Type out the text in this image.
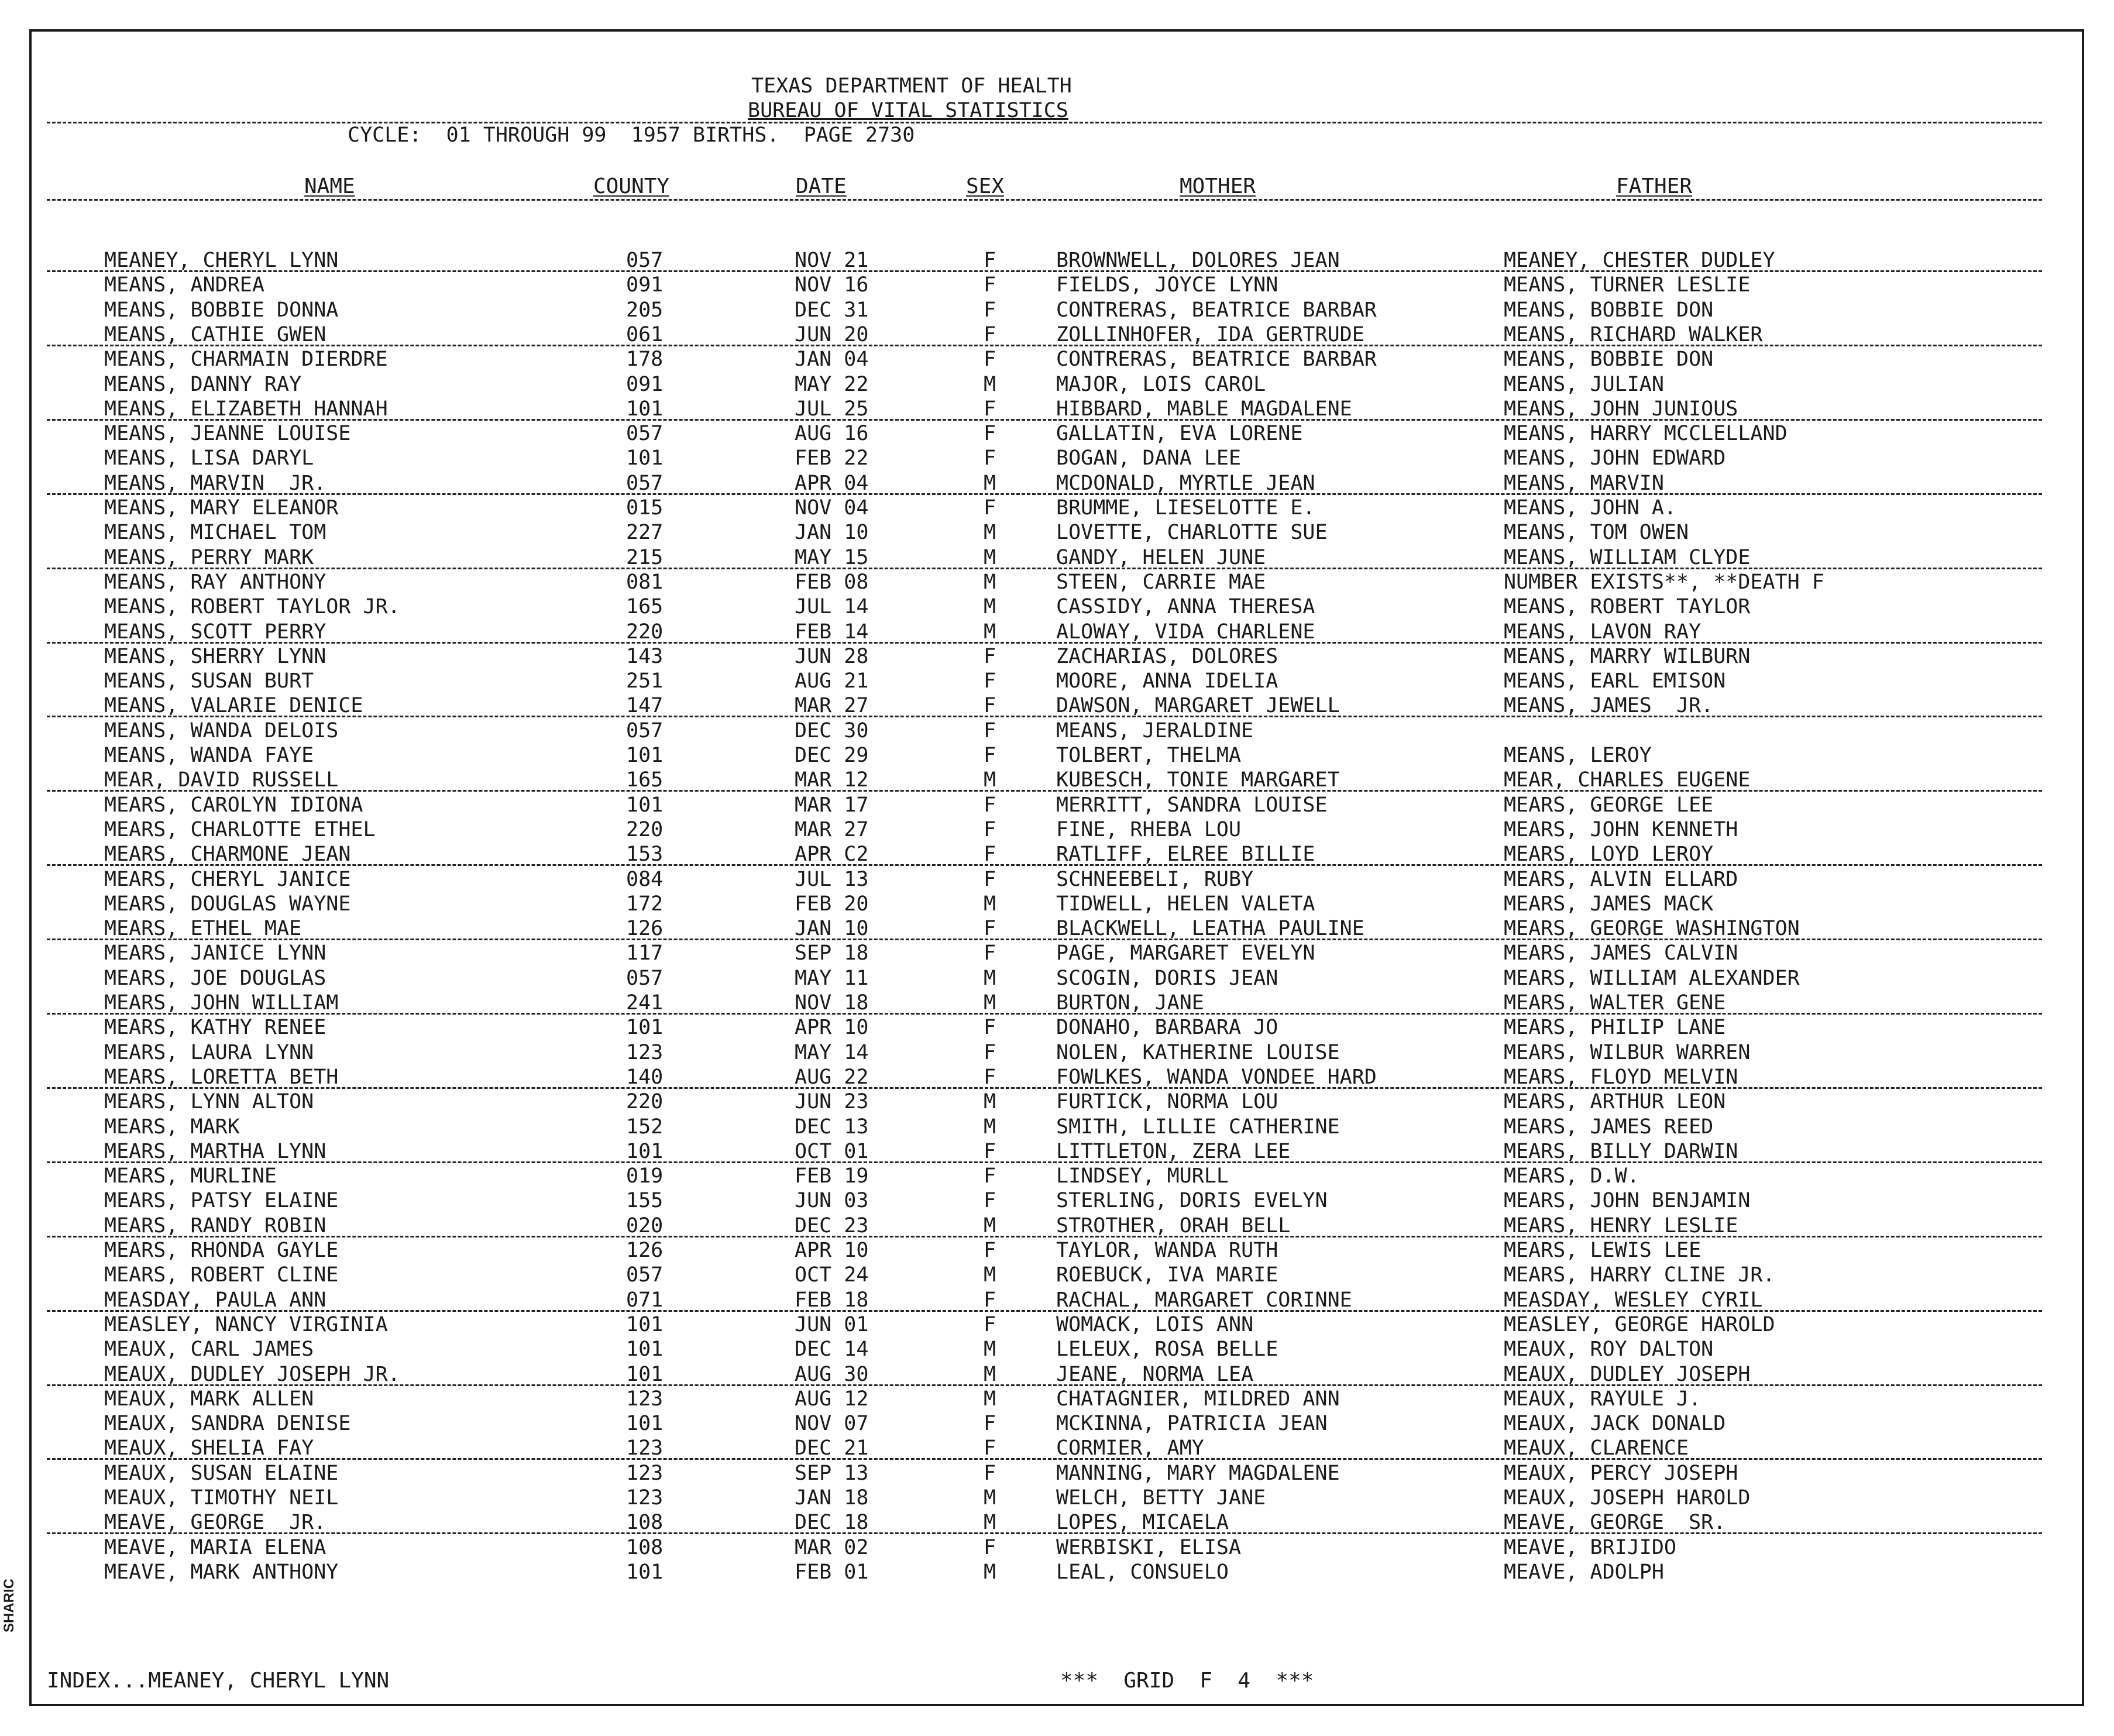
TEXAS DEPARTMENT OF HEALTH
BUREAU OF VITAL STATISTICS
CYCLE:  01 THROUGH 99  1957 BIRTHS.  PAGE 2730
NAME	COUNTY	DATE	SEX	MOTHER	FATHER
MEANEY, CHERYL LYNN	057	NOV 21	F	BROWNWELL, DOLORES JEAN	MEANEY, CHESTER DUDLEY
MEANS, ANDREA	091	NOV 16	F	FIELDS, JOYCE LYNN	MEANS, TURNER LESLIE
MEANS, BOBBIE DONNA	205	DEC 31	F	CONTRERAS, BEATRICE BARBAR	MEANS, BOBBIE DON
MEANS, CATHIE GWEN	061	JUN 20	F	ZOLLINHOFER, IDA GERTRUDE	MEANS, RICHARD WALKER
MEANS, CHARMAIN DIERDRE	178	JAN 04	F	CONTRERAS, BEATRICE BARBAR	MEANS, BOBBIE DON
MEANS, DANNY RAY	091	MAY 22	M	MAJOR, LOIS CAROL	MEANS, JULIAN
MEANS, ELIZABETH HANNAH	101	JUL 25	F	HIBBARD, MABLE MAGDALENE	MEANS, JOHN JUNIOUS
MEANS, JEANNE LOUISE	057	AUG 16	F	GALLATIN, EVA LORENE	MEANS, HARRY MCCLELLAND
MEANS, LISA DARYL	101	FEB 22	F	BOGAN, DANA LEE	MEANS, JOHN EDWARD
MEANS, MARVIN  JR.	057	APR 04	M	MCDONALD, MYRTLE JEAN	MEANS, MARVIN
MEANS, MARY ELEANOR	015	NOV 04	F	BRUMME, LIESELOTTE E.	MEANS, JOHN A.
MEANS, MICHAEL TOM	227	JAN 10	M	LOVETTE, CHARLOTTE SUE	MEANS, TOM OWEN
MEANS, PERRY MARK	215	MAY 15	M	GANDY, HELEN JUNE	MEANS, WILLIAM CLYDE
MEANS, RAY ANTHONY	081	FEB 08	M	STEEN, CARRIE MAE	NUMBER EXISTS**, **DEATH F
MEANS, ROBERT TAYLOR JR.	165	JUL 14	M	CASSIDY, ANNA THERESA	MEANS, ROBERT TAYLOR
MEANS, SCOTT PERRY	220	FEB 14	M	ALOWAY, VIDA CHARLENE	MEANS, LAVON RAY
MEANS, SHERRY LYNN	143	JUN 28	F	ZACHARIAS, DOLORES	MEANS, MARRY WILBURN
MEANS, SUSAN BURT	251	AUG 21	F	MOORE, ANNA IDELIA	MEANS, EARL EMISON
MEANS, VALARIE DENICE	147	MAR 27	F	DAWSON, MARGARET JEWELL	MEANS, JAMES  JR.
MEANS, WANDA DELOIS	057	DEC 30	F	MEANS, JERALDINE
MEANS, WANDA FAYE	101	DEC 29	F	TOLBERT, THELMA	MEANS, LEROY
MEAR, DAVID RUSSELL	165	MAR 12	M	KUBESCH, TONIE MARGARET	MEAR, CHARLES EUGENE
MEARS, CAROLYN IDIONA	101	MAR 17	F	MERRITT, SANDRA LOUISE	MEARS, GEORGE LEE
MEARS, CHARLOTTE ETHEL	220	MAR 27	F	FINE, RHEBA LOU	MEARS, JOHN KENNETH
MEARS, CHARMONE JEAN	153	APR C2	F	RATLIFF, ELREE BILLIE	MEARS, LOYD LEROY
MEARS, CHERYL JANICE	084	JUL 13	F	SCHNEEBELI, RUBY	MEARS, ALVIN ELLARD
MEARS, DOUGLAS WAYNE	172	FEB 20	M	TIDWELL, HELEN VALETA	MEARS, JAMES MACK
MEARS, ETHEL MAE	126	JAN 10	F	BLACKWELL, LEATHA PAULINE	MEARS, GEORGE WASHINGTON
MEARS, JANICE LYNN	117	SEP 18	F	PAGE, MARGARET EVELYN	MEARS, JAMES CALVIN
MEARS, JOE DOUGLAS	057	MAY 11	M	SCOGIN, DORIS JEAN	MEARS, WILLIAM ALEXANDER
MEARS, JOHN WILLIAM	241	NOV 18	M	BURTON, JANE	MEARS, WALTER GENE
MEARS, KATHY RENEE	101	APR 10	F	DONAHO, BARBARA JO	MEARS, PHILIP LANE
MEARS, LAURA LYNN	123	MAY 14	F	NOLEN, KATHERINE LOUISE	MEARS, WILBUR WARREN
MEARS, LORETTA BETH	140	AUG 22	F	FOWLKES, WANDA VONDEE HARD	MEARS, FLOYD MELVIN
MEARS, LYNN ALTON	220	JUN 23	M	FURTICK, NORMA LOU	MEARS, ARTHUR LEON
MEARS, MARK	152	DEC 13	M	SMITH, LILLIE CATHERINE	MEARS, JAMES REED
MEARS, MARTHA LYNN	101	OCT 01	F	LITTLETON, ZERA LEE	MEARS, BILLY DARWIN
MEARS, MURLINE	019	FEB 19	F	LINDSEY, MURLL	MEARS, D.W.
MEARS, PATSY ELAINE	155	JUN 03	F	STERLING, DORIS EVELYN	MEARS, JOHN BENJAMIN
MEARS, RANDY ROBIN	020	DEC 23	M	STROTHER, ORAH BELL	MEARS, HENRY LESLIE
MEARS, RHONDA GAYLE	126	APR 10	F	TAYLOR, WANDA RUTH	MEARS, LEWIS LEE
MEARS, ROBERT CLINE	057	OCT 24	M	ROEBUCK, IVA MARIE	MEARS, HARRY CLINE JR.
MEASDAY, PAULA ANN	071	FEB 18	F	RACHAL, MARGARET CORINNE	MEASDAY, WESLEY CYRIL
MEASLEY, NANCY VIRGINIA	101	JUN 01	F	WOMACK, LOIS ANN	MEASLEY, GEORGE HAROLD
MEAUX, CARL JAMES	101	DEC 14	M	LELEUX, ROSA BELLE	MEAUX, ROY DALTON
MEAUX, DUDLEY JOSEPH JR.	101	AUG 30	M	JEANE, NORMA LEA	MEAUX, DUDLEY JOSEPH
MEAUX, MARK ALLEN	123	AUG 12	M	CHATAGNIER, MILDRED ANN	MEAUX, RAYULE J.
MEAUX, SANDRA DENISE	101	NOV 07	F	MCKINNA, PATRICIA JEAN	MEAUX, JACK DONALD
MEAUX, SHELIA FAY	123	DEC 21	F	CORMIER, AMY	MEAUX, CLARENCE
MEAUX, SUSAN ELAINE	123	SEP 13	F	MANNING, MARY MAGDALENE	MEAUX, PERCY JOSEPH
MEAUX, TIMOTHY NEIL	123	JAN 18	M	WELCH, BETTY JANE	MEAUX, JOSEPH HAROLD
MEAVE, GEORGE  JR.	108	DEC 18	M	LOPES, MICAELA	MEAVE, GEORGE  SR.
MEAVE, MARIA ELENA	108	MAR 02	F	WERBISKI, ELISA	MEAVE, BRIJIDO
MEAVE, MARK ANTHONY	101	FEB 01	M	LEAL, CONSUELO	MEAVE, ADOLPH
INDEX...MEANEY, CHERYL LYNN	***  GRID  F  4  ***
SHARIC
